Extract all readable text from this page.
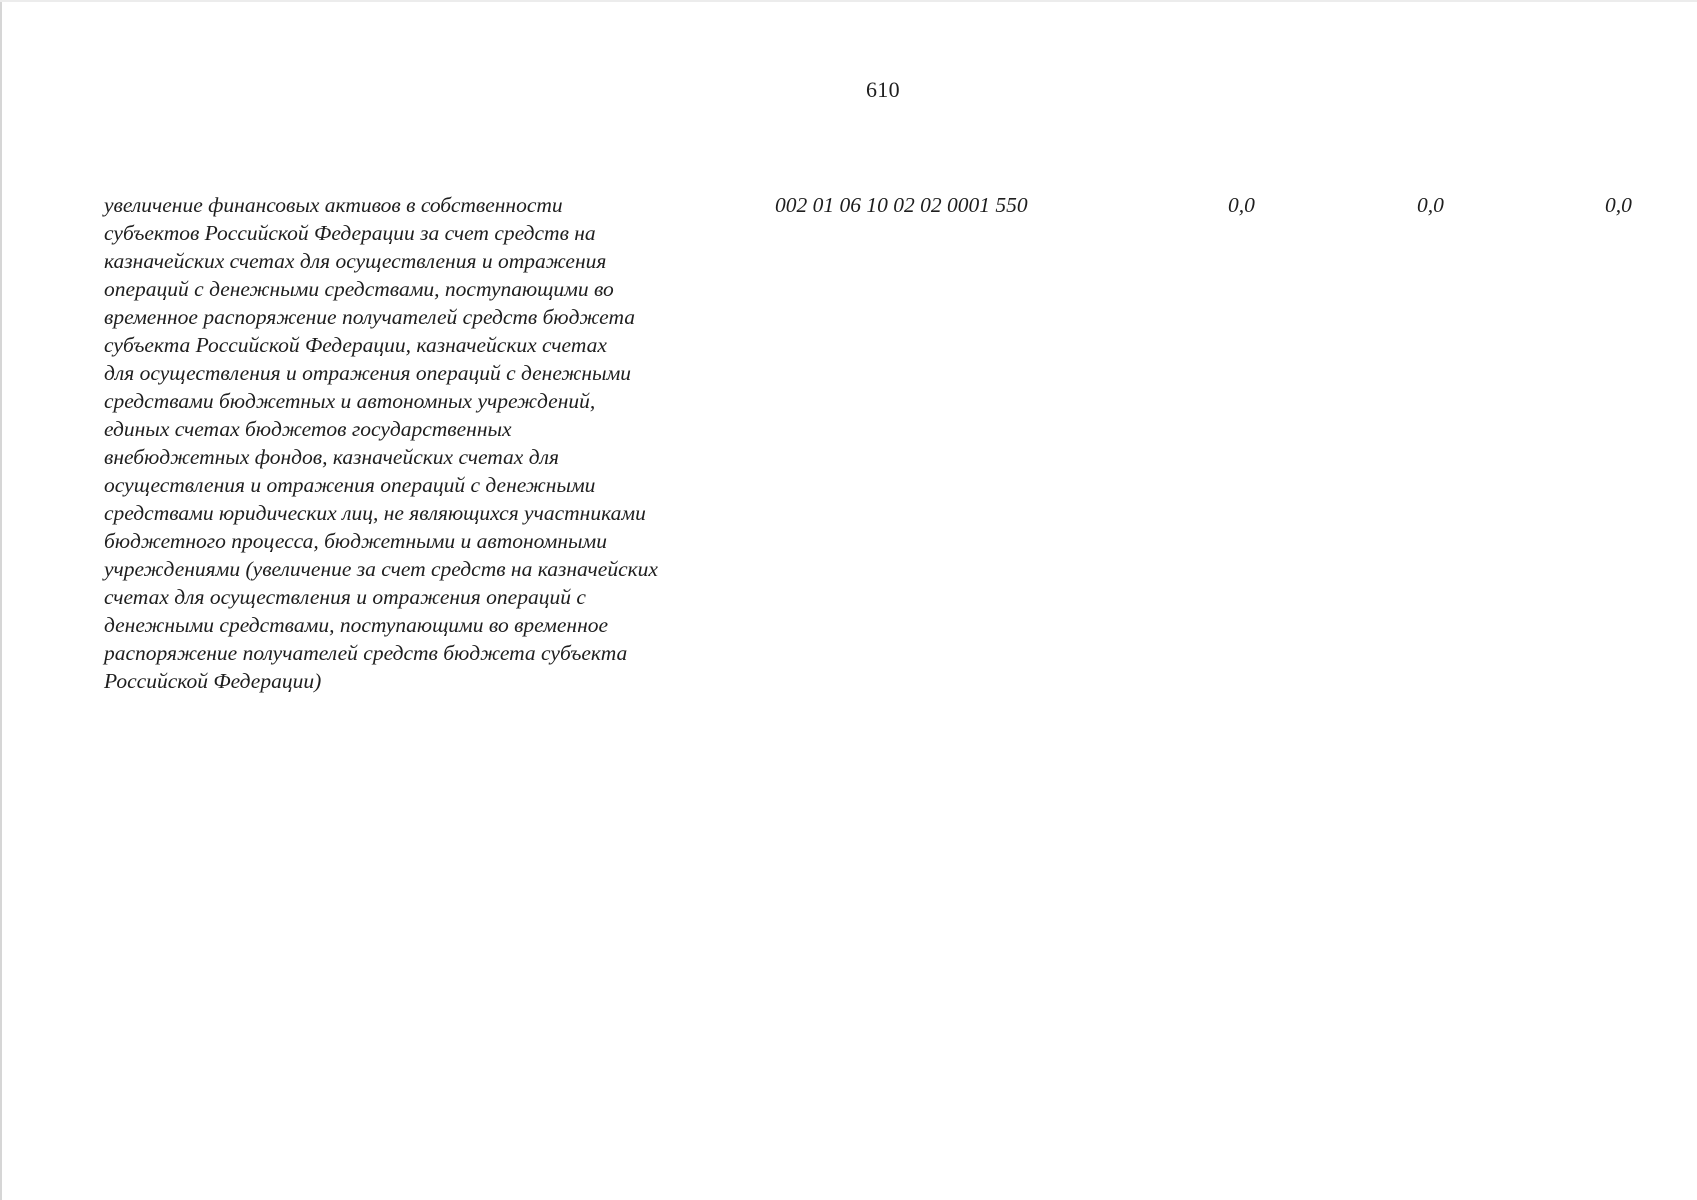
610
увеличение финансовых активов в собственности
субъектов Российской Федерации за счет средств на
казначейских счетах для осуществления и отражения
операций с денежными средствами, поступающими во
временное распоряжение получателей средств бюджета
субъекта Российской Федерации, казначейских счетах
для осуществления и отражения операций с денежными
средствами бюджетных и автономных учреждений,
единых счетах бюджетов государственных
внебюджетных фондов, казначейских счетах для
осуществления и отражения операций с денежными
средствами юридических лиц, не являющихся участниками
бюджетного процесса, бюджетными и автономными
учреждениями (увеличение за счет средств на казначейских
счетах для осуществления и отражения операций с
денежными средствами, поступающими во временное
распоряжение получателей средств бюджета субъекта
Российской Федерации)
002 01 06 10 02 02 0001 550	0,0	0,0	0,0
